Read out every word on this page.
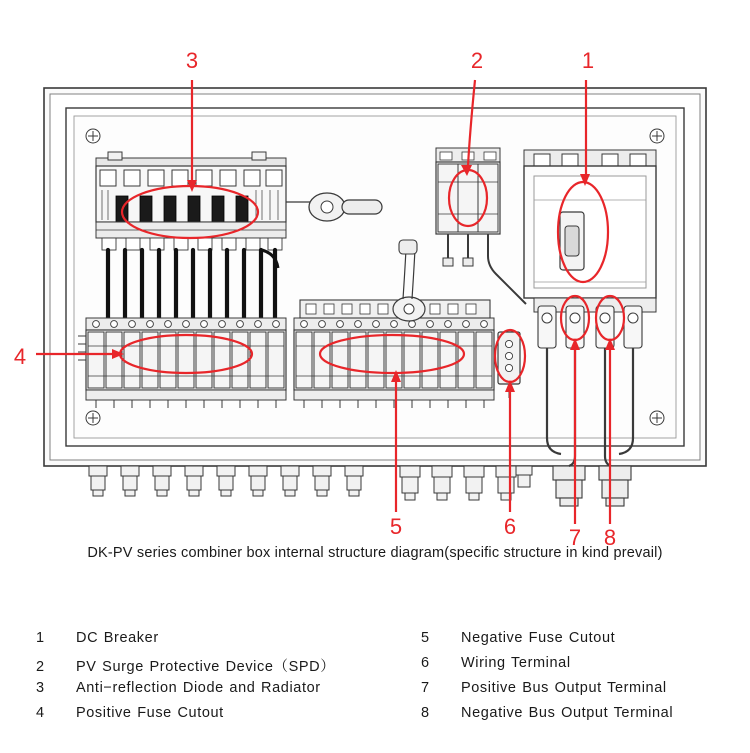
3	2	1
4
5	6 7 8
DK-PV series combiner box internal structure diagram(specific structure in kind prevail)
1	DC Breaker
2	PV Surge Protective Device（SPD）
3	Anti−reflection Diode and Radiator
4	Positive Fuse Cutout
5	Negative Fuse Cutout
6	Wiring Terminal
7	Positive Bus Output Terminal
8	Negative Bus Output Terminal
